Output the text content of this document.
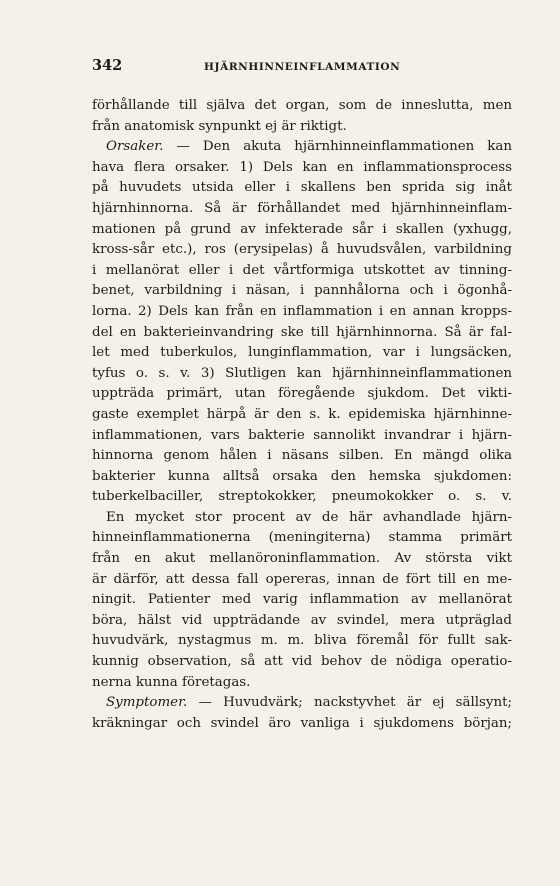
342	HJÄRNHINNEINFLAMMATION
förhållande till själva det organ, som de inneslutta, men
från anatomisk synpunkt ej är riktigt.
Orsaker. — Den akuta hjärnhinneinflammationen kan
hava flera orsaker. 1) Dels kan en inflammationsprocess
på huvudets utsida eller i skallens ben sprida sig inåt
hjärnhinnorna. Så är förhållandet med hjärnhinneinflam-
mationen på grund av infekterade sår i skallen (yxhugg,
kross-sår etc.), ros (erysipelas) å huvudsvålen, varbildning
i mellanörat eller i det vårtformiga utskottet av tinning-
benet, varbildning i näsan, i pannhålorna och i ögonhå-
lorna. 2) Dels kan från en inflammation i en annan kropps-
del en bakterieinvandring ske till hjärnhinnorna. Så är fal-
let med tuberkulos, lunginflammation, var i lungsäcken,
tyfus o. s. v. 3) Slutligen kan hjärnhinneinflammationen
uppträda primärt, utan föregående sjukdom. Det vikti-
gaste exemplet härpå är den s. k. epidemiska hjärnhinne-
inflammationen, vars bakterie sannolikt invandrar i hjärn-
hinnorna genom hålen i näsans silben. En mängd olika
bakterier kunna alltså orsaka den hemska sjukdomen:
tuberkelbaciller, streptokokker, pneumokokker o. s. v.
En mycket stor procent av de här avhandlade hjärn-
hinneinflammationerna (meningiterna) stamma primärt
från en akut mellanöroninflammation. Av största vikt
är därför, att dessa fall opereras, innan de fört till en me-
ningit. Patienter med varig inflammation av mellanörat
böra, hälst vid uppträdande av svindel, mera utpräglad
huvudvärk, nystagmus m. m. bliva föremål för fullt sak-
kunnig observation, så att vid behov de nödiga operatio-
nerna kunna företagas.
Symptomer. — Huvudvärk; nackstyvhet är ej sällsynt;
kräkningar och svindel äro vanliga i sjukdomens början;
